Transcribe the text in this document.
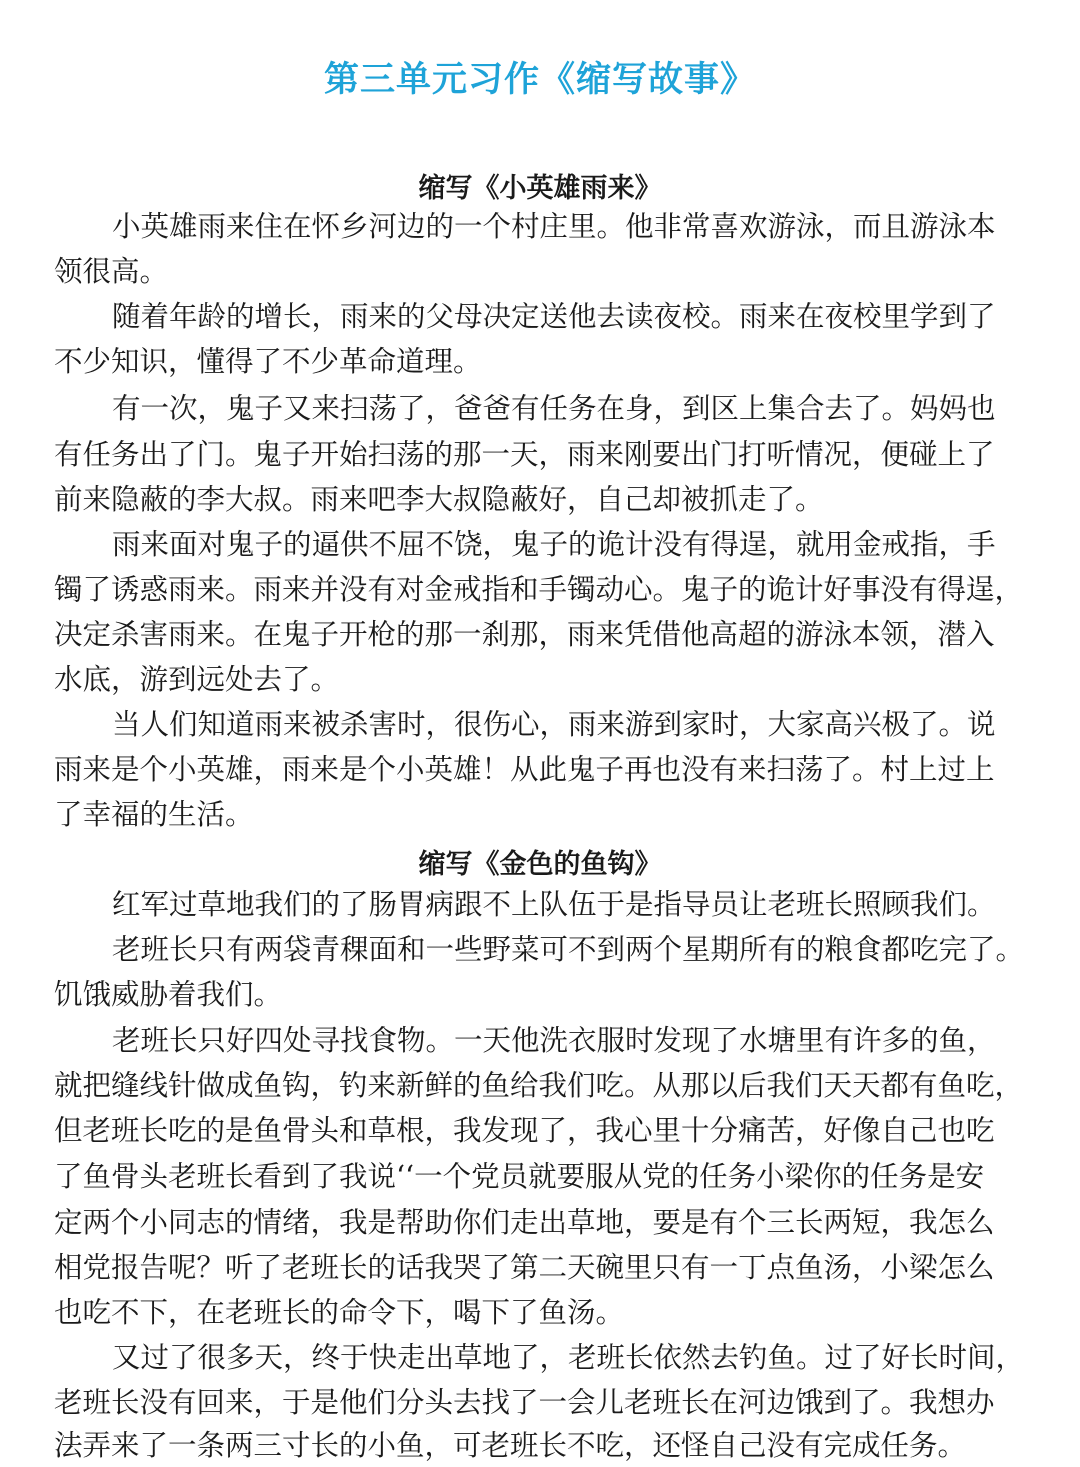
第三单元习作《缩写故事》
缩写《小英雄雨来》
小英雄雨来住在怀乡河边的一个村庄里。他非常喜欢游泳，而且游泳本
领很高。
随着年龄的增长，雨来的父母决定送他去读夜校。雨来在夜校里学到了
不少知识，懂得了不少革命道理。
有一次，鬼子又来扫荡了，爸爸有任务在身，到区上集合去了。妈妈也
有任务出了门。鬼子开始扫荡的那一天，雨来刚要出门打听情况，便碰上了
前来隐蔽的李大叔。雨来吧李大叔隐蔽好，自己却被抓走了。
雨来面对鬼子的逼供不屈不饶，鬼子的诡计没有得逞，就用金戒指，手
镯了诱惑雨来。雨来并没有对金戒指和手镯动心。鬼子的诡计好事没有得逞，
决定杀害雨来。在鬼子开枪的那一刹那，雨来凭借他高超的游泳本领，潜入
水底，游到远处去了。
当人们知道雨来被杀害时，很伤心，雨来游到家时，大家高兴极了。说
雨来是个小英雄，雨来是个小英雄！从此鬼子再也没有来扫荡了。村上过上
了幸福的生活。
缩写《金色的鱼钩》
红军过草地我们的了肠胃病跟不上队伍于是指导员让老班长照顾我们。
老班长只有两袋青稞面和一些野菜可不到两个星期所有的粮食都吃完了。
饥饿威胁着我们。
老班长只好四处寻找食物。一天他洗衣服时发现了水塘里有许多的鱼，
就把缝线针做成鱼钩，钓来新鲜的鱼给我们吃。从那以后我们天天都有鱼吃，
但老班长吃的是鱼骨头和草根，我发现了，我心里十分痛苦，好像自己也吃
了鱼骨头老班长看到了我说‘‘一个党员就要服从党的任务小梁你的任务是安
定两个小同志的情绪，我是帮助你们走出草地，要是有个三长两短，我怎么
相党报告呢？听了老班长的话我哭了第二天碗里只有一丁点鱼汤，小梁怎么
也吃不下，在老班长的命令下，喝下了鱼汤。
又过了很多天，终于快走出草地了，老班长依然去钓鱼。过了好长时间，
老班长没有回来，于是他们分头去找了一会儿老班长在河边饿到了。我想办
法弄来了一条两三寸长的小鱼，可老班长不吃，还怪自己没有完成任务。
